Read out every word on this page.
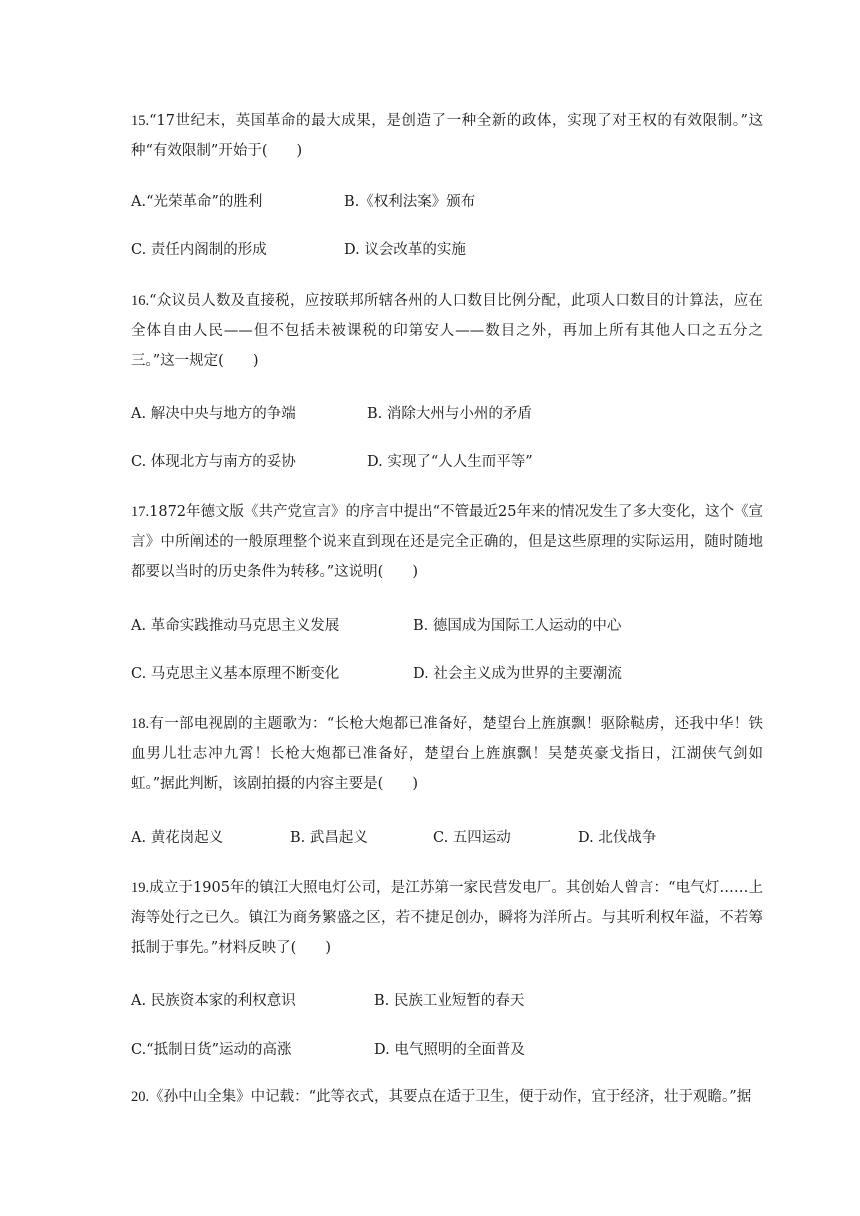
15.“17世纪末，英国革命的最大成果，是创造了一种全新的政体，实现了对王权的有效限制。”这种“有效限制”开始于(　　)

A.“光荣革命”的胜利	B.《权利法案》颁布
C. 责任内阁制的形成	D. 议会改革的实施

16.“众议员人数及直接税，应按联邦所辖各州的人口数目比例分配，此项人口数目的计算法，应在全体自由人民——但不包括未被课税的印第安人——数目之外，再加上所有其他人口之五分之三。”这一规定(　　)

A. 解决中央与地方的争端	B. 消除大州与小州的矛盾
C. 体现北方与南方的妥协	D. 实现了“人人生而平等”

17.1872年德文版《共产党宣言》的序言中提出“不管最近25年来的情况发生了多大变化，这个《宣言》中所阐述的一般原理整个说来直到现在还是完全正确的，但是这些原理的实际运用，随时随地都要以当时的历史条件为转移。”这说明(　　)

A. 革命实践推动马克思主义发展	B. 德国成为国际工人运动的中心
C. 马克思主义基本原理不断变化	D. 社会主义成为世界的主要潮流

18.有一部电视剧的主题歌为：“长枪大炮都已准备好，楚望台上旌旗飘！驱除鞑虏，还我中华！铁血男儿壮志冲九霄！长枪大炮都已准备好，楚望台上旌旗飘！吴楚英豪戈指日，江湖侠气剑如虹。”据此判断，该剧拍摄的内容主要是(　　)

A. 黄花岗起义	B. 武昌起义	C. 五四运动	D. 北伐战争

19.成立于1905年的镇江大照电灯公司，是江苏第一家民营发电厂。其创始人曾言：“电气灯……上海等处行之已久。镇江为商务繁盛之区，若不捷足创办，瞬将为洋所占。与其听利权年溢，不若筹抵制于事先。”材料反映了(　　)

A. 民族资本家的利权意识	B. 民族工业短暂的春天
C.“抵制日货”运动的高涨	D. 电气照明的全面普及

20.《孙中山全集》中记载：“此等衣式，其要点在适于卫生，便于动作，宜于经济，壮于观瞻。”据
